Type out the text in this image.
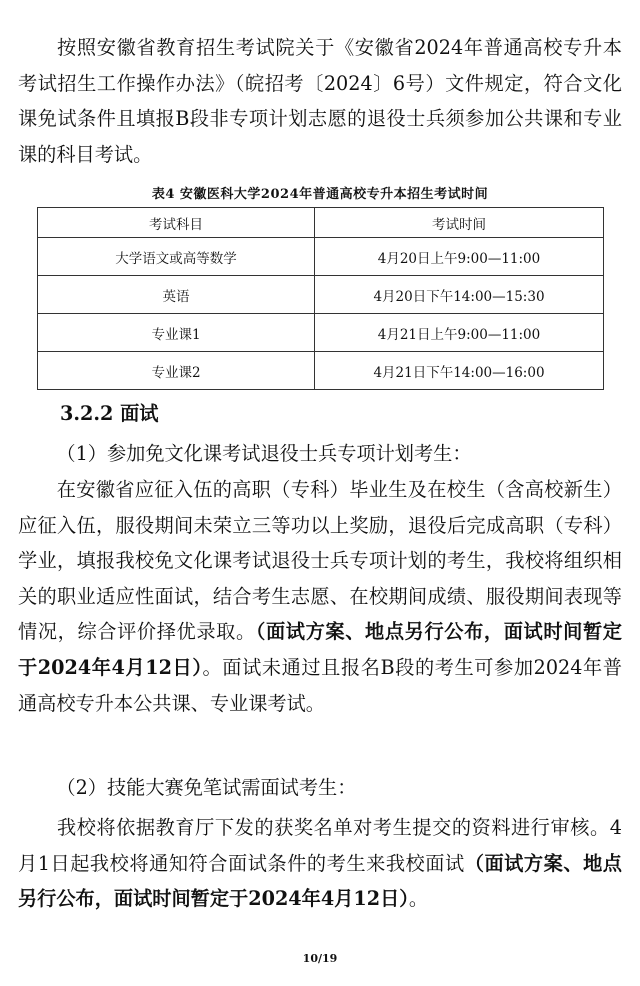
按照安徽省教育招生考试院关于《安徽省2024年普通高校专升本考试招生工作操作办法》（皖招考〔2024〕6号）文件规定，符合文化课免试条件且填报B段非专项计划志愿的退役士兵须参加公共课和专业课的科目考试。

表4 安徽医科大学2024年普通高校专升本招生考试时间
考试科目	考试时间
大学语文或高等数学	4月20日上午9:00—11:00
英语	4月20日下午14:00—15:30
专业课1	4月21日上午9:00—11:00
专业课2	4月21日下午14:00—16:00
3.2.2 面试

（1）参加免文化课考试退役士兵专项计划考生：

在安徽省应征入伍的高职（专科）毕业生及在校生（含高校新生）应征入伍，服役期间未荣立三等功以上奖励，退役后完成高职（专科）学业，填报我校免文化课考试退役士兵专项计划的考生，我校将组织相关的职业适应性面试，结合考生志愿、在校期间成绩、服役期间表现等情况，综合评价择优录取。（面试方案、地点另行公布，面试时间暂定于2024年4月12日）。面试未通过且报名B段的考生可参加2024年普通高校专升本公共课、专业课考试。

（2）技能大赛免笔试需面试考生：

我校将依据教育厅下发的获奖名单对考生提交的资料进行审核。4月1日起我校将通知符合面试条件的考生来我校面试（面试方案、地点另行公布，面试时间暂定于2024年4月12日）。

10/19
